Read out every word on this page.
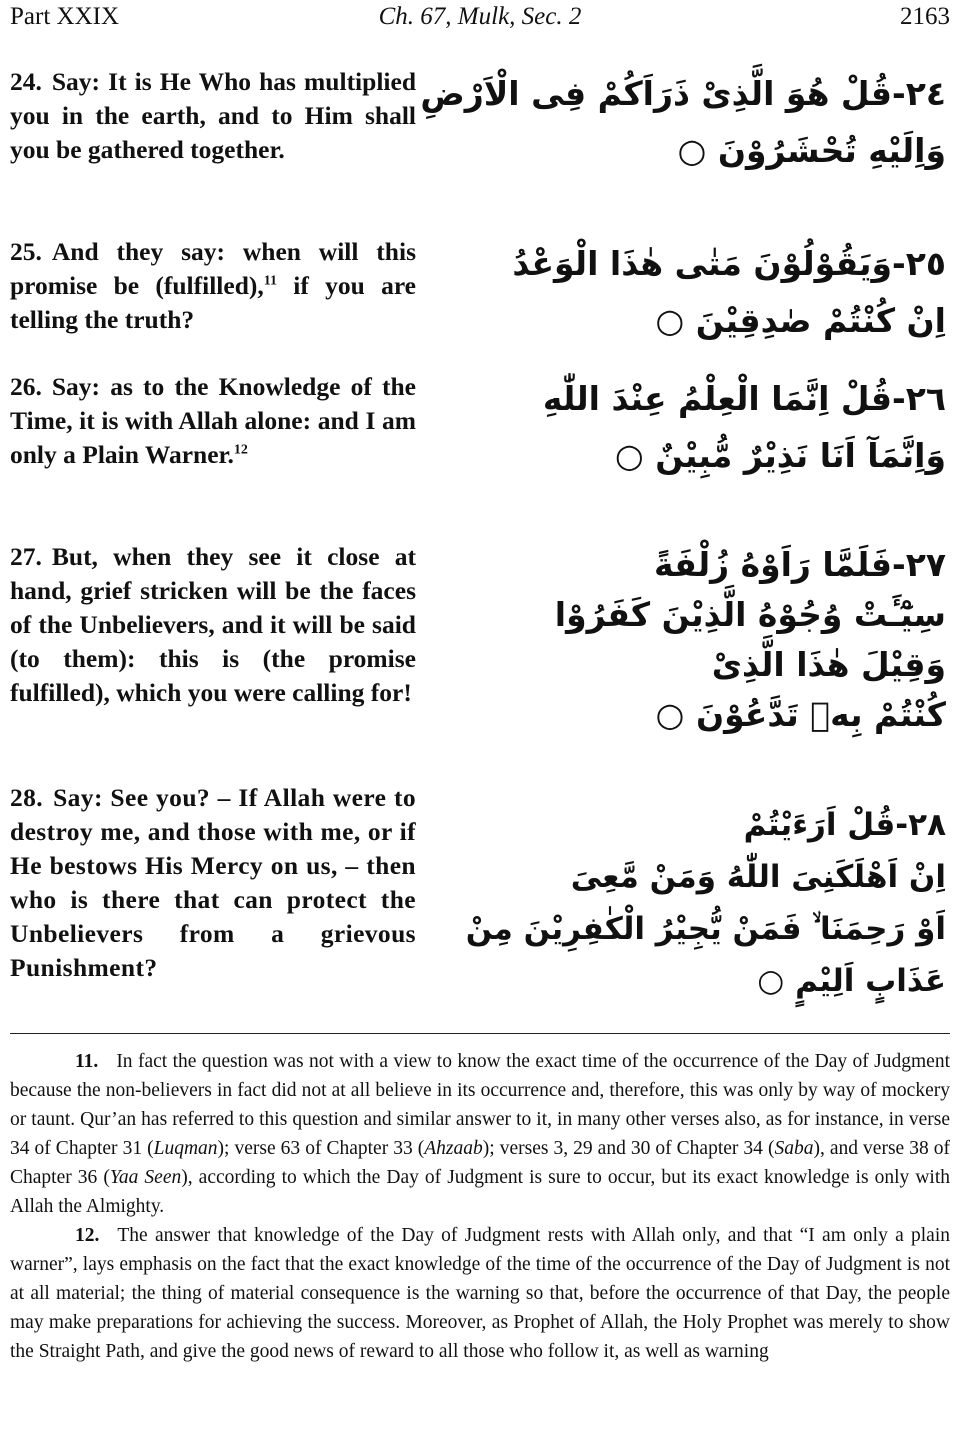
Part XXIX	Ch. 67, Mulk, Sec. 2	2163
24. Say: It is He Who has multiplied you in the earth, and to Him shall you be gathered together.
٢٤-قُلْ هُوَ الَّذِىْ ذَرَاَكُمْ فِى الْاَرْضِ
وَاِلَيْهِ تُحْشَرُوْنَ ○
25. And they say: when will this promise be (fulfilled),$^{11}$ if you are telling the truth?
٢٥-وَيَقُوْلُوْنَ مَتٰى هٰذَا الْوَعْدُ
اِنْ كُنْتُمْ صٰدِقِيْنَ ○
26. Say: as to the Knowledge of the Time, it is with Allah alone: and I am only a Plain Warner.$^{12}$
٢٦-قُلْ اِنَّمَا الْعِلْمُ عِنْدَ اللّٰهِ
وَاِنَّمَآ اَنَا نَذِيْرٌ مُّبِيْنٌ ○
27. But, when they see it close at hand, grief stricken will be the faces of the Unbelievers, and it will be said (to them): this is (the promise fulfilled), which you were calling for!
٢٧-فَلَمَّا رَاَوْهُ زُلْفَةً
سِيْٓـَٔتْ وُجُوْهُ الَّذِيْنَ كَفَرُوْا
وَقِيْلَ هٰذَا الَّذِىْ
كُنْتُمْ بِهٖ تَدَّعُوْنَ ○
28. Say: See you? – If Allah were to destroy me, and those with me, or if He bestows His Mercy on us, – then who is there that can protect the Unbelievers from a grievous Punishment?
٢٨-قُلْ اَرَءَيْتُمْ
اِنْ اَهْلَكَنِىَ اللّٰهُ وَمَنْ مَّعِىَ
اَوْ رَحِمَنَا ۙ فَمَنْ يُّجِيْرُ الْكٰفِرِيْنَ مِنْ
عَذَابٍ اَلِيْمٍ ○

11. In fact the question was not with a view to know the exact time of the occurrence of the Day of Judgment because the non-believers in fact did not at all believe in its occurrence and, therefore, this was only by way of mockery or taunt. Qur’an has referred to this question and similar answer to it, in many other verses also, as for instance, in verse 34 of Chapter 31 (Luqman); verse 63 of Chapter 33 (Ahzaab); verses 3, 29 and 30 of Chapter 34 (Saba), and verse 38 of Chapter 36 (Yaa Seen), according to which the Day of Judgment is sure to occur, but its exact knowledge is only with Allah the Almighty.

12. The answer that knowledge of the Day of Judgment rests with Allah only, and that “I am only a plain warner”, lays emphasis on the fact that the exact knowledge of the time of the occurrence of the Day of Judgment is not at all material; the thing of material consequence is the warning so that, before the occurrence of that Day, the people may make preparations for achieving the success. Moreover, as Prophet of Allah, the Holy Prophet was merely to show the Straight Path, and give the good news of reward to all those who follow it, as well as warning
